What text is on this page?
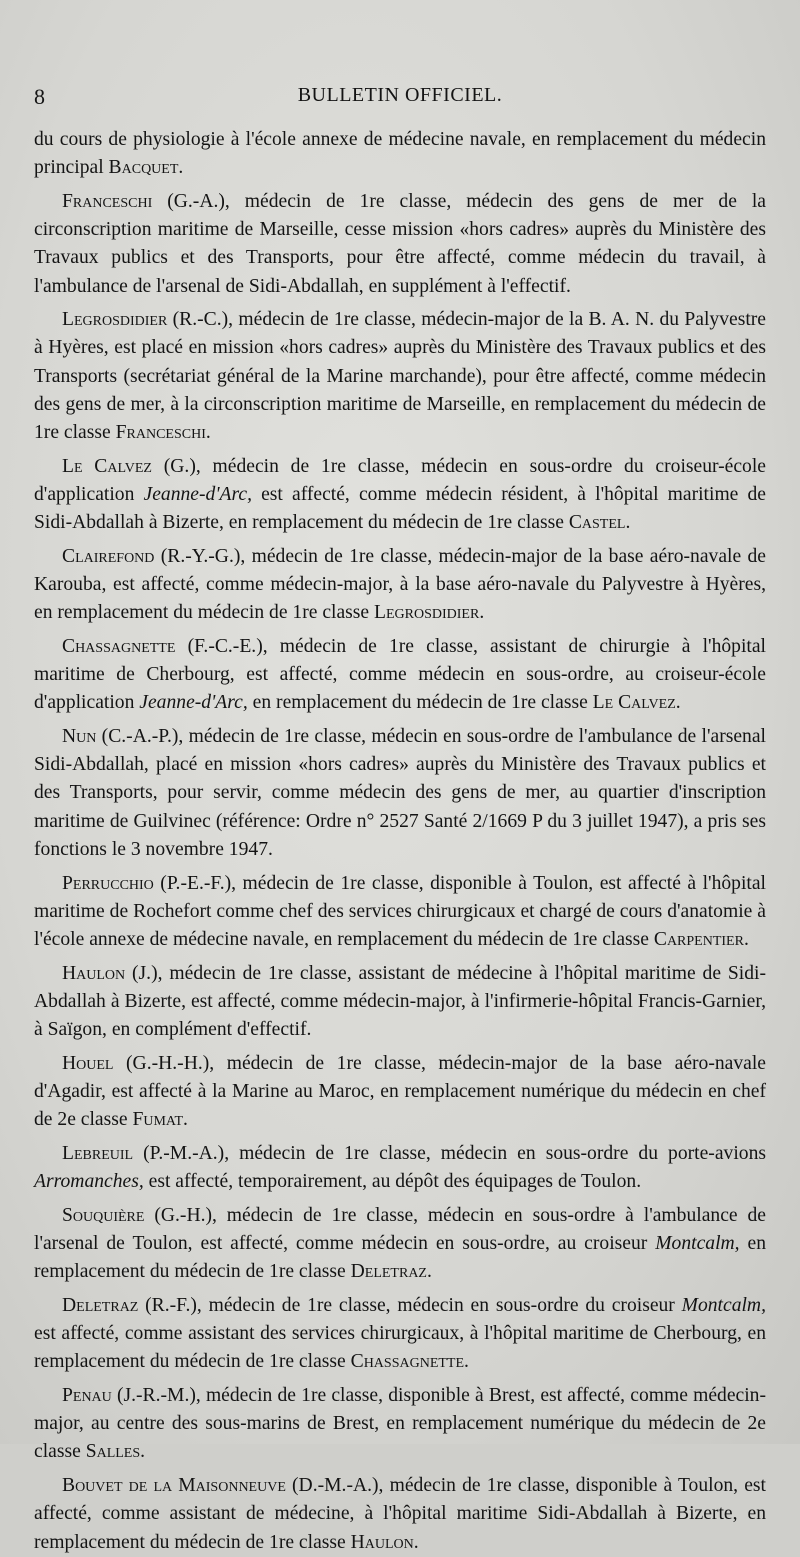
8	BULLETIN OFFICIEL.

du cours de physiologie à l'école annexe de médecine navale, en remplacement du médecin principal Bacquet.

Franceschi (G.-A.), médecin de 1re classe, médecin des gens de mer de la circonscription maritime de Marseille, cesse mission «hors cadres» auprès du Ministère des Travaux publics et des Transports, pour être affecté, comme médecin du travail, à l'ambulance de l'arsenal de Sidi-Abdallah, en supplément à l'effectif.

Legrosdidier (R.-C.), médecin de 1re classe, médecin-major de la B. A. N. du Palyvestre à Hyères, est placé en mission «hors cadres» auprès du Ministère des Travaux publics et des Transports (secrétariat général de la Marine marchande), pour être affecté, comme médecin des gens de mer, à la circonscription maritime de Marseille, en remplacement du médecin de 1re classe Franceschi.

Le Calvez (G.), médecin de 1re classe, médecin en sous-ordre du croiseur-école d'application Jeanne-d'Arc, est affecté, comme médecin résident, à l'hôpital maritime de Sidi-Abdallah à Bizerte, en remplacement du médecin de 1re classe Castel.

Clairefond (R.-Y.-G.), médecin de 1re classe, médecin-major de la base aéro-navale de Karouba, est affecté, comme médecin-major, à la base aéro-navale du Palyvestre à Hyères, en remplacement du médecin de 1re classe Legrosdidier.

Chassagnette (F.-C.-E.), médecin de 1re classe, assistant de chirurgie à l'hôpital maritime de Cherbourg, est affecté, comme médecin en sous-ordre, au croiseur-école d'application Jeanne-d'Arc, en remplacement du médecin de 1re classe Le Calvez.

Nun (C.-A.-P.), médecin de 1re classe, médecin en sous-ordre de l'ambulance de l'arsenal Sidi-Abdallah, placé en mission «hors cadres» auprès du Ministère des Travaux publics et des Transports, pour servir, comme médecin des gens de mer, au quartier d'inscription maritime de Guilvinec (référence: Ordre n° 2527 Santé 2/1669 P du 3 juillet 1947), a pris ses fonctions le 3 novembre 1947.

Perrucchio (P.-E.-F.), médecin de 1re classe, disponible à Toulon, est affecté à l'hôpital maritime de Rochefort comme chef des services chirurgicaux et chargé de cours d'anatomie à l'école annexe de médecine navale, en remplacement du médecin de 1re classe Carpentier.

Haulon (J.), médecin de 1re classe, assistant de médecine à l'hôpital maritime de Sidi-Abdallah à Bizerte, est affecté, comme médecin-major, à l'infirmerie-hôpital Francis-Garnier, à Saïgon, en complément d'effectif.

Houel (G.-H.-H.), médecin de 1re classe, médecin-major de la base aéro-navale d'Agadir, est affecté à la Marine au Maroc, en remplacement numérique du médecin en chef de 2e classe Fumat.

Lebreuil (P.-M.-A.), médecin de 1re classe, médecin en sous-ordre du porte-avions Arromanches, est affecté, temporairement, au dépôt des équipages de Toulon.

Souquière (G.-H.), médecin de 1re classe, médecin en sous-ordre à l'ambulance de l'arsenal de Toulon, est affecté, comme médecin en sous-ordre, au croiseur Montcalm, en remplacement du médecin de 1re classe Deletraz.

Deletraz (R.-F.), médecin de 1re classe, médecin en sous-ordre du croiseur Montcalm, est affecté, comme assistant des services chirurgicaux, à l'hôpital maritime de Cherbourg, en remplacement du médecin de 1re classe Chassagnette.

Penau (J.-R.-M.), médecin de 1re classe, disponible à Brest, est affecté, comme médecin-major, au centre des sous-marins de Brest, en remplacement numérique du médecin de 2e classe Salles.

Bouvet de la Maisonneuve (D.-M.-A.), médecin de 1re classe, disponible à Toulon, est affecté, comme assistant de médecine, à l'hôpital maritime Sidi-Abdallah à Bizerte, en remplacement du médecin de 1re classe Haulon.
